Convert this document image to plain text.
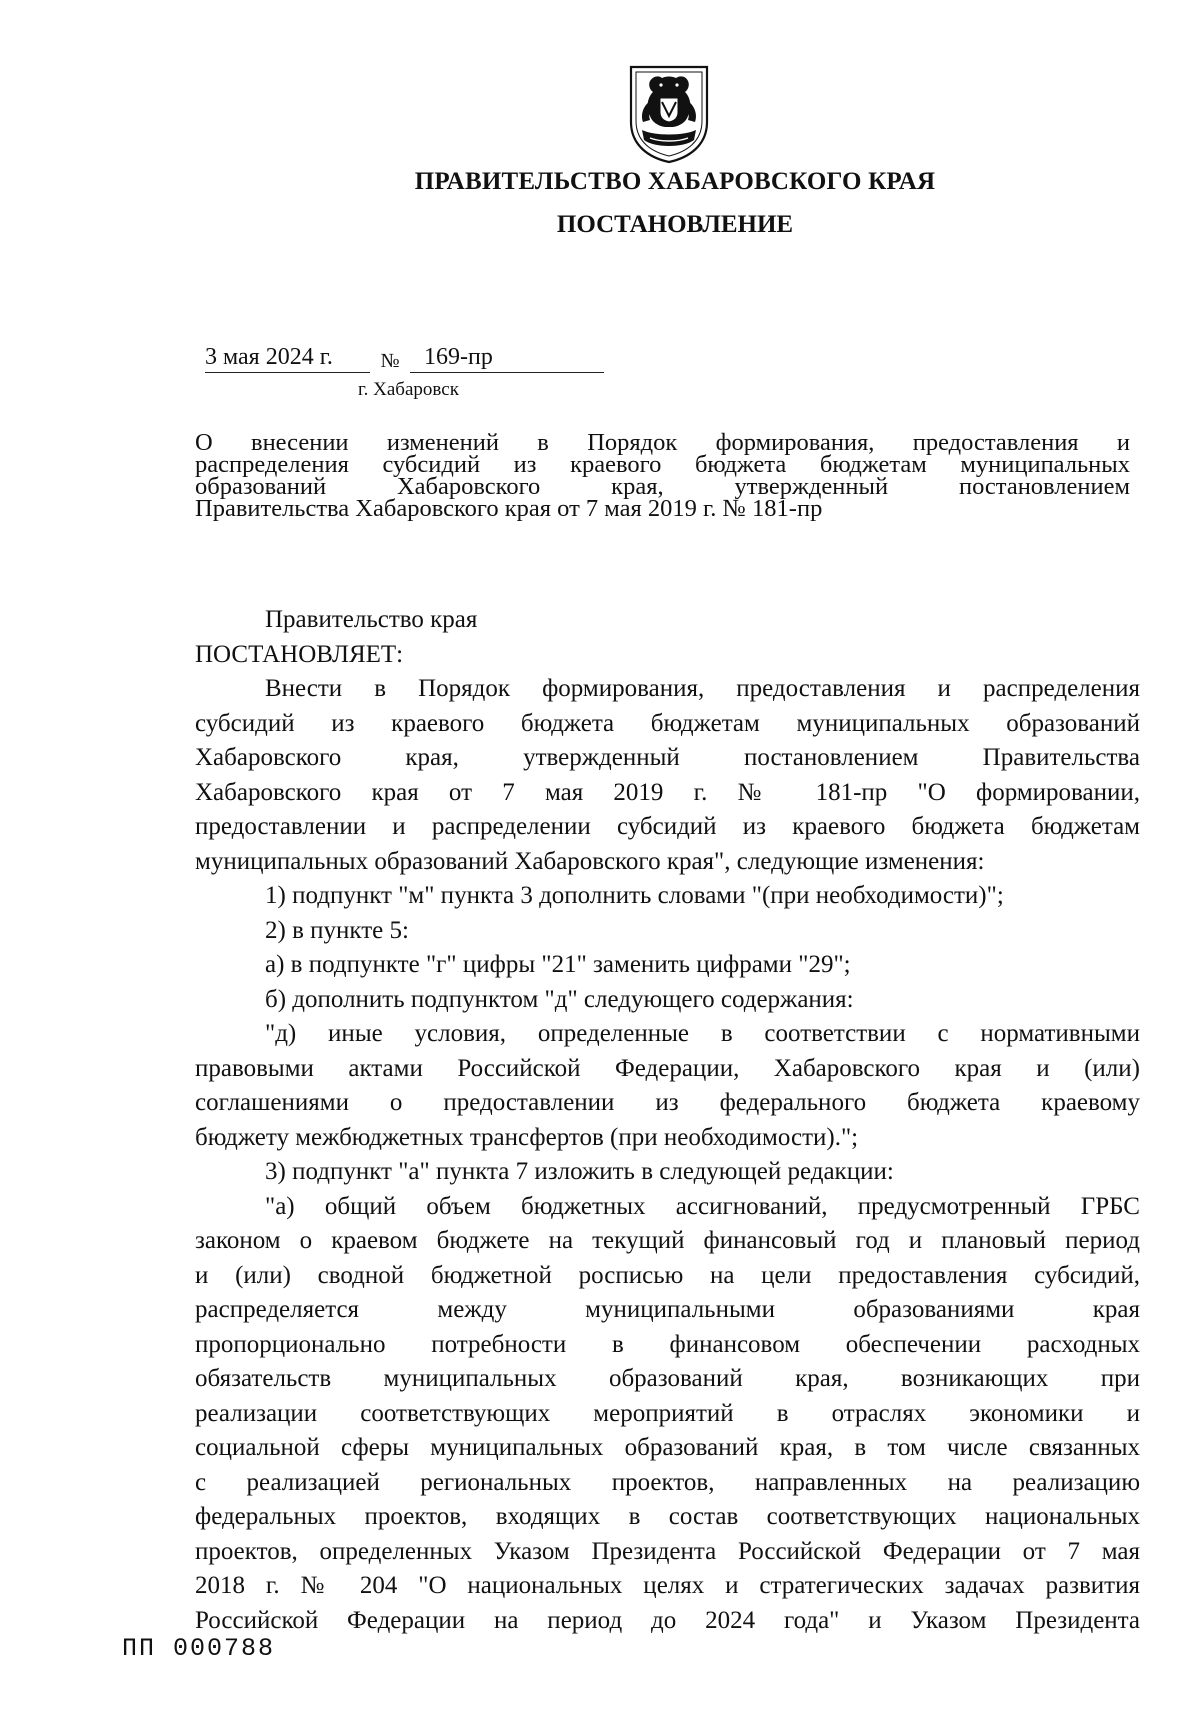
ПРАВИТЕЛЬСТВО ХАБАРОВСКОГО КРАЯ
ПОСТАНОВЛЕНИЕ
3 мая 2024 г. № 169-пр
г. Хабаровск
О внесении изменений в Порядок формирования, предоставления и
распределения субсидий из краевого бюджета бюджетам муниципальных
образований Хабаровского края, утвержденный постановлением
Правительства Хабаровского края от 7 мая 2019 г. № 181-пр

Правительство края

ПОСТАНОВЛЯЕТ:

Внести в Порядок формирования, предоставления и распределения
субсидий из краевого бюджета бюджетам муниципальных образований
Хабаровского края, утвержденный постановлением Правительства
Хабаровского края от 7 мая 2019 г. № 181-пр "О формировании,
предоставлении и распределении субсидий из краевого бюджета бюджетам
муниципальных образований Хабаровского края", следующие изменения:

1) подпункт "м" пункта 3 дополнить словами "(при необходимости)";

2) в пункте 5:

а) в подпункте "г" цифры "21" заменить цифрами "29";

б) дополнить подпунктом "д" следующего содержания:

"д) иные условия, определенные в соответствии с нормативными
правовыми актами Российской Федерации, Хабаровского края и (или)
соглашениями о предоставлении из федерального бюджета краевому
бюджету межбюджетных трансфертов (при необходимости).";

3) подпункт "а" пункта 7 изложить в следующей редакции:

"а) общий объем бюджетных ассигнований, предусмотренный ГРБС
законом о краевом бюджете на текущий финансовый год и плановый период
и (или) сводной бюджетной росписью на цели предоставления субсидий,
распределяется между муниципальными образованиями края
пропорционально потребности в финансовом обеспечении расходных
обязательств муниципальных образований края, возникающих при
реализации соответствующих мероприятий в отраслях экономики и
социальной сферы муниципальных образований края, в том числе связанных
с реализацией региональных проектов, направленных на реализацию
федеральных проектов, входящих в состав соответствующих национальных
проектов, определенных Указом Президента Российской Федерации от 7 мая
2018 г. № 204 "О национальных целях и стратегических задачах развития
Российской Федерации на период до 2024 года" и Указом Президента
ПП 000788
